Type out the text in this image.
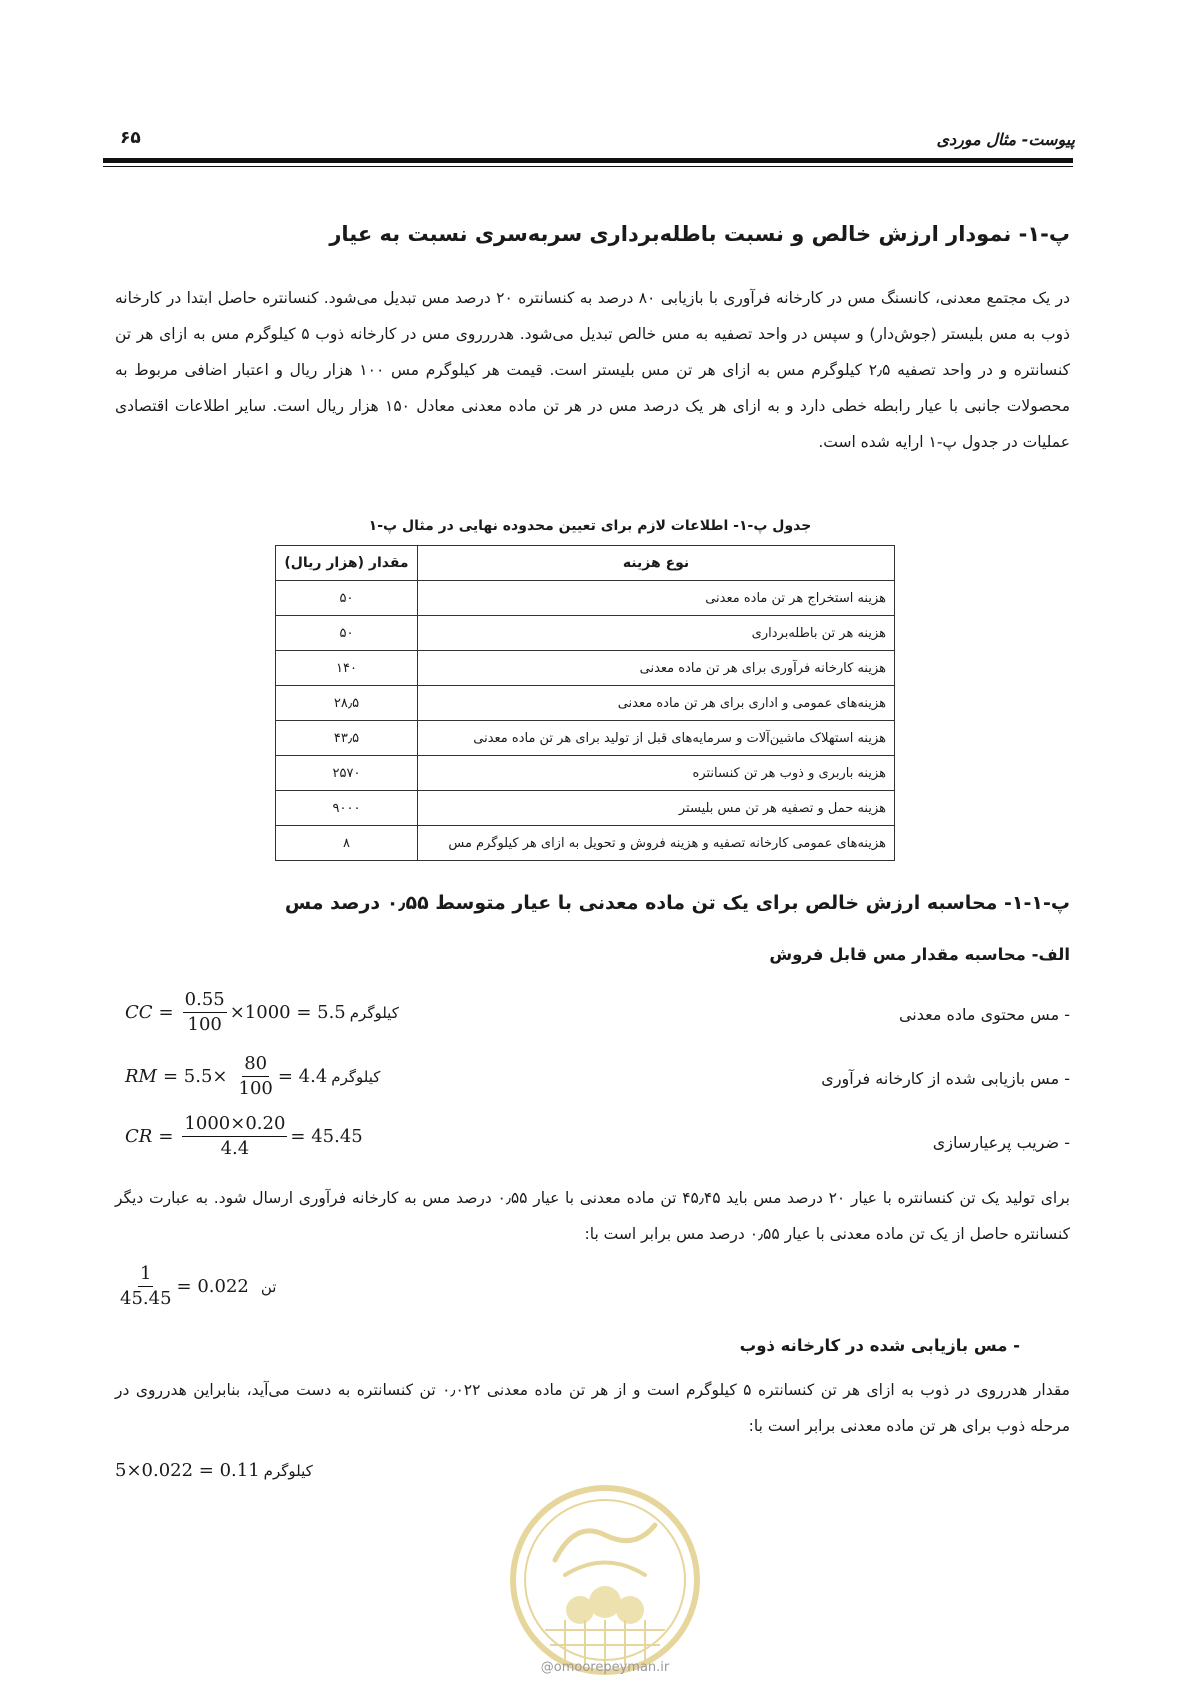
پیوست- مثال موردی
۶۵
پ-۱- نمودار ارزش خالص و نسبت باطله‌برداری سربه‌سری نسبت به عیار
در یک مجتمع معدنی، کانسنگ مس در کارخانه فرآوری با بازیابی ۸۰ درصد به کنسانتره ۲۰ درصد مس تبدیل می‌شود. کنسانتره حاصل ابتدا در کارخانه ذوب به مس بلیستر (جوش‌دار) و سپس در واحد تصفیه به مس خالص تبدیل می‌شود. هدررروی مس در کارخانه ذوب ۵ کیلوگرم مس به ازای هر تن کنسانتره و در واحد تصفیه ۲٫۵ کیلوگرم مس به ازای هر تن مس بلیستر است. قیمت هر کیلوگرم مس ۱۰۰ هزار ریال و اعتبار اضافی مربوط به محصولات جانبی با عیار رابطه خطی دارد و به ازای هر یک درصد مس در هر تن ماده معدنی معادل ۱۵۰ هزار ریال است. سایر اطلاعات اقتصادی عملیات در جدول پ-۱ ارایه شده است.
جدول پ-۱- اطلاعات لازم برای تعیین محدوده نهایی در مثال پ-۱
نوع هزینه	مقدار (هزار ریال)
هزینه استخراج هر تن ماده معدنی	۵۰
هزینه هر تن باطله‌برداری	۵۰
هزینه کارخانه فرآوری برای هر تن ماده معدنی	۱۴۰
هزینه‌های عمومی و اداری برای هر تن ماده معدنی	۲۸٫۵
هزینه استهلاک ماشین‌آلات و سرمایه‌های قبل از تولید برای هر تن ماده معدنی	۴۳٫۵
هزینه باربری و ذوب هر تن کنسانتره	۲۵۷۰
هزینه حمل و تصفیه هر تن مس بلیستر	۹۰۰۰
هزینه‌های عمومی کارخانه تصفیه و هزینه فروش و تحویل به ازای هر کیلوگرم مس	۸
پ-۱-۱- محاسبه ارزش خالص برای یک تن ماده معدنی با عیار متوسط ۰٫۵۵ درصد مس
الف- محاسبه مقدار مس قابل فروش
- مس محتوی ماده معدنی
CC = $\frac{0.55}{100} \times 1000 = 5.5$ کیلوگرم
- مس بازیابی شده از کارخانه فرآوری
RM = $5.5\times \frac{80}{100} = 4.4$ کیلوگرم
- ضریب پرعیارسازی
CR = $\frac{1000\times 0.20}{4.4} = 45.45$
برای تولید یک تن کنسانتره با عیار ۲۰ درصد مس باید ۴۵٫۴۵ تن ماده معدنی با عیار ۰٫۵۵ درصد مس به کارخانه فرآوری ارسال شود. به عبارت دیگر کنسانتره حاصل از یک تن ماده معدنی با عیار ۰٫۵۵ درصد مس برابر است با:
$\frac{1}{45.45} = 0.022$ تن
- مس بازیابی شده در کارخانه ذوب
مقدار هدرروی در ذوب به ازای هر تن کنسانتره ۵ کیلوگرم است و از هر تن ماده معدنی ۰٫۰۲۲ تن کنسانتره به دست می‌آید، بنابراین هدرروی در مرحله ذوب برای هر تن ماده معدنی برابر است با:
5×0.022 = 0.11 کیلوگرم
@omoorepeyman.ir
